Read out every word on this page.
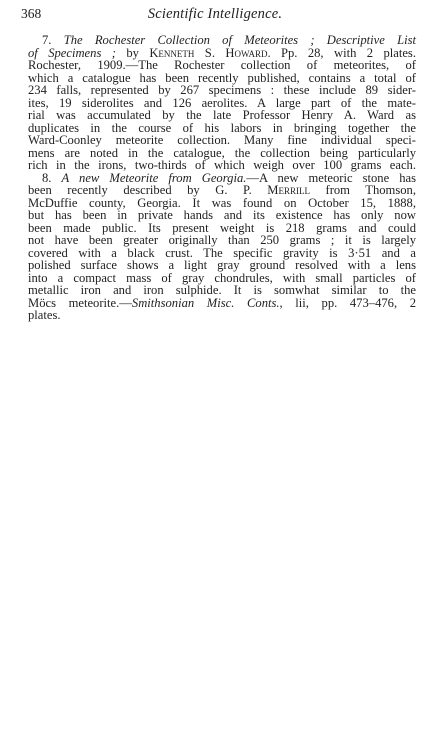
368	Scientific Intelligence.
7. The Rochester Collection of Meteorites ; Descriptive List
of Specimens ; by Kenneth S. Howard. Pp. 28, with 2 plates.
Rochester, 1909.—The Rochester collection of meteorites, of
which a catalogue has been recently published, contains a total of
234 falls, represented by 267 specimens : these include 89 sider-
ites, 19 siderolites and 126 aerolites. A large part of the mate-
rial was accumulated by the late Professor Henry A. Ward as
duplicates in the course of his labors in bringing together the
Ward-Coonley meteorite collection. Many fine individual speci-
mens are noted in the catalogue, the collection being particularly
rich in the irons, two-thirds of which weigh over 100 grams each.
8. A new Meteorite from Georgia.—A new meteoric stone has
been recently described by G. P. Merrill from Thomson,
McDuffie county, Georgia. It was found on October 15, 1888,
but has been in private hands and its existence has only now
been made public. Its present weight is 218 grams and could
not have been greater originally than 250 grams ; it is largely
covered with a black crust. The specific gravity is 3·51 and a
polished surface shows a light gray ground resolved with a lens
into a compact mass of gray chondrules, with small particles of
metallic iron and iron sulphide. It is somwhat similar to the
Möcs meteorite.—Smithsonian Misc. Conts., lii, pp. 473–476, 2
plates.
